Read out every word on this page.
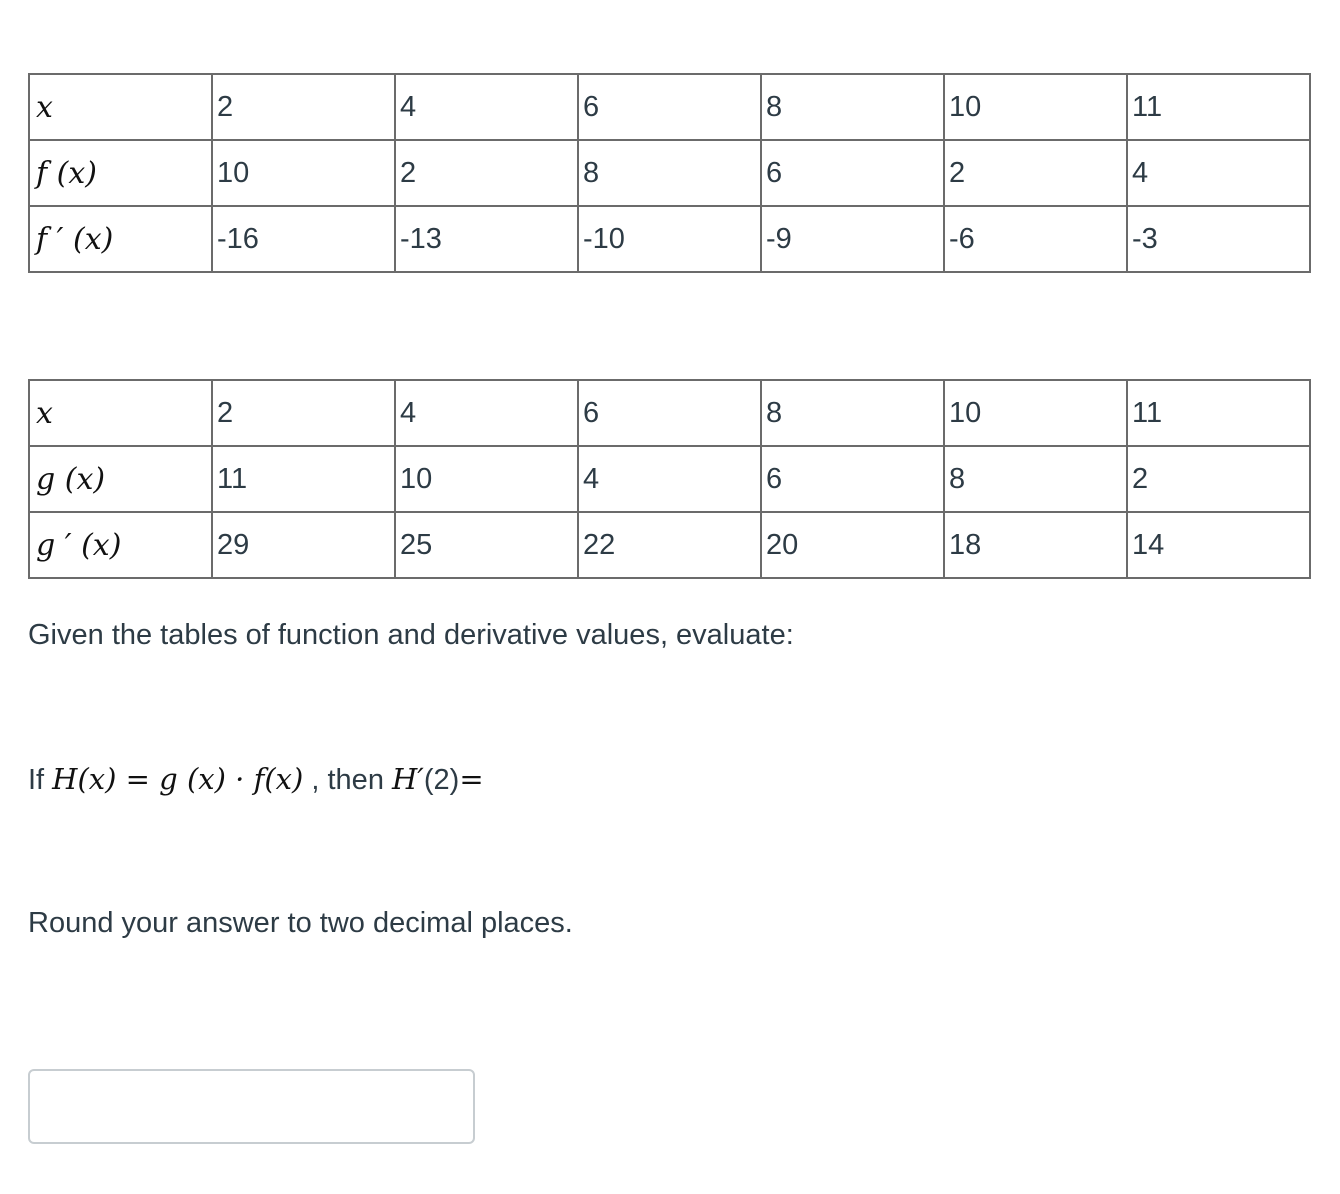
x	2	4	6	8	10	11
f (x)	10	2	8	6	2	4
f ′ (x)	-16	-13	-10	-9	-6	-3
x	2	4	6	8	10	11
g (x)	11	10	4	6	8	2
g ′ (x)	29	25	22	20	18	14
Given the tables of function and derivative values, evaluate:
If H(x) = g (x) · f(x) , then H′(2)=
Round your answer to two decimal places.
